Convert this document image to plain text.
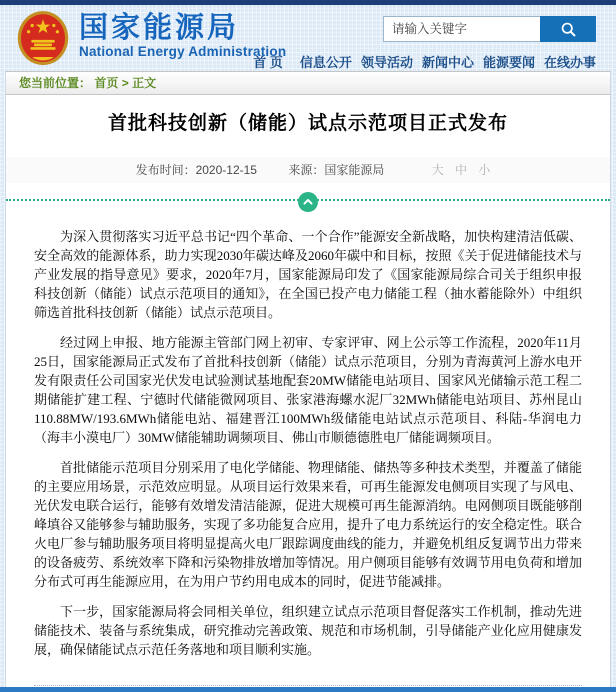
国家能源局
National Energy Administration
请输入关键字
首 页 信息公开 领导活动 新闻中心 能源要闻 在线办事
您当前位置： 首页 > 正文
首批科技创新（储能）试点示范项目正式发布
发布时间：2020-12-15	来源：国家能源局	大 中 小

为深入贯彻落实习近平总书记“四个革命、一个合作”能源安全新战略，加快构建清洁低碳、安全高效的能源体系，助力实现2030年碳达峰及2060年碳中和目标，按照《关于促进储能技术与产业发展的指导意见》要求，2020年7月，国家能源局印发了《国家能源局综合司关于组织申报科技创新（储能）试点示范项目的通知》，在全国已投产电力储能工程（抽水蓄能除外）中组织筛选首批科技创新（储能）试点示范项目。

经过网上申报、地方能源主管部门网上初审、专家评审、网上公示等工作流程，2020年11月25日，国家能源局正式发布了首批科技创新（储能）试点示范项目，分别为青海黄河上游水电开发有限责任公司国家光伏发电试验测试基地配套20MW储能电站项目、国家风光储输示范工程二期储能扩建工程、宁德时代储能微网项目、张家港海螺水泥厂32MWh储能电站项目、苏州昆山110.88MW/193.6MWh储能电站、福建晋江100MWh级储能电站试点示范项目、科陆-华润电力（海丰小漠电厂）30MW储能辅助调频项目、佛山市顺德德胜电厂储能调频项目。

首批储能示范项目分别采用了电化学储能、物理储能、储热等多种技术类型，并覆盖了储能的主要应用场景，示范效应明显。从项目运行效果来看，可再生能源发电侧项目实现了与风电、光伏发电联合运行，能够有效增发清洁能源，促进大规模可再生能源消纳。电网侧项目既能够削峰填谷又能够参与辅助服务，实现了多功能复合应用，提升了电力系统运行的安全稳定性。联合火电厂参与辅助服务项目将明显提高火电厂跟踪调度曲线的能力，并避免机组反复调节出力带来的设备疲劳、系统效率下降和污染物排放增加等情况。用户侧项目能够有效调节用电负荷和增加分布式可再生能源应用，在为用户节约用电成本的同时，促进节能减排。

下一步，国家能源局将会同相关单位，组织建立试点示范项目督促落实工作机制，推动先进储能技术、装备与系统集成，研究推动完善政策、规范和市场机制，引导储能产业化应用健康发展，确保储能试点示范任务落地和项目顺利实施。
